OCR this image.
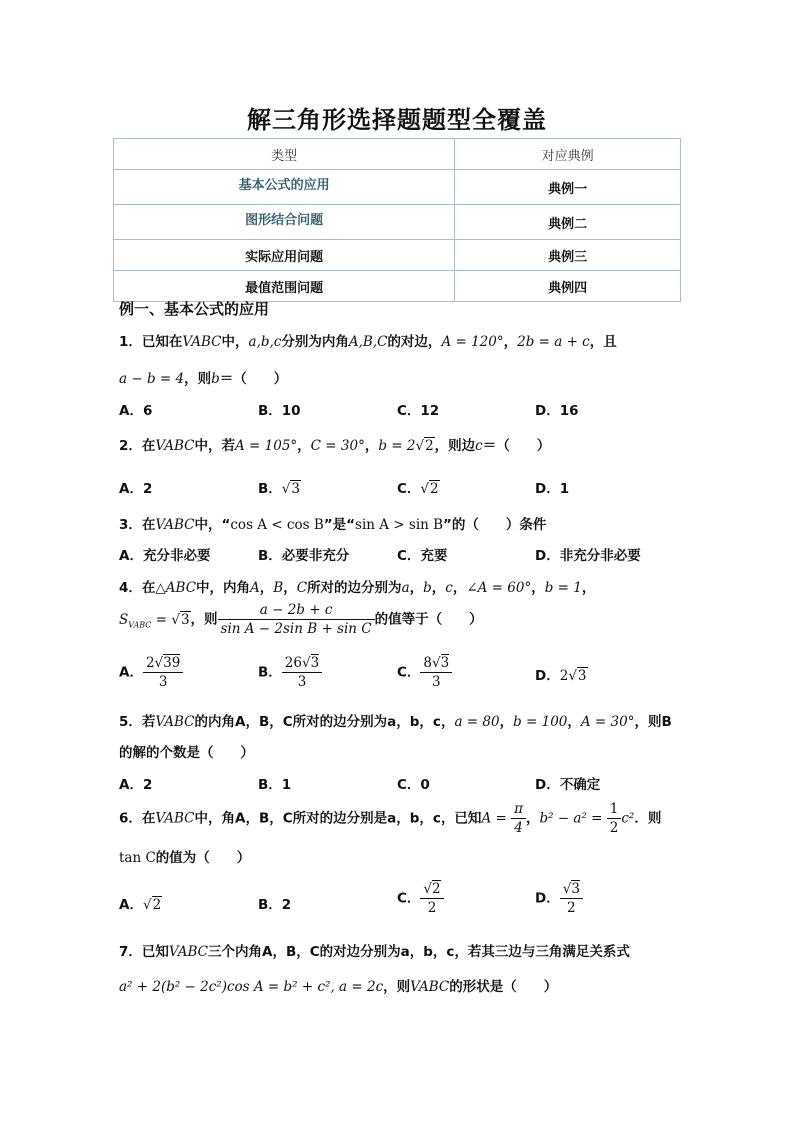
解三角形选择题题型全覆盖
类型	对应典例
基本公式的应用	典例一
图形结合问题	典例二
实际应用问题	典例三
最值范围问题	典例四
例一、基本公式的应用
1．已知在VABC中，a,b,c分别为内角A,B,C的对边，A = 120°，2b = a + c，且
a − b = 4，则b＝（　　）
A．6	B．10	C．12	D．16
2．在VABC中，若A = 105°，C = 30°，b = 2√2，则边c＝（　　）
A．2	B．√3	C．√2	D．1
3．在VABC中，“cos A < cos B”是“sin A > sin B”的（　　）条件
A．充分非必要	B．必要非充分	C．充要	D．非充分非必要
4．在△ABC中，内角A，B，C所对的边分别为a，b，c，∠A = 60°，b = 1，
$S_{VABC} = √3$，则 $\frac{a - 2b + c}{\text{sin A − 2sin B + sin C}}$ 的值等于（　　）
A． $\frac{2√39}{3}$	B． $\frac{26√3}{3}$	C． $\frac{8√3}{3}$	D．2√3
5．若VABC的内角A，B，C所对的边分别为a，b，c，a = 80，b = 100，A = 30°，则B
的解的个数是（　　）
A．2	B．1	C．0	D．不确定
6．在VABC中，角A，B，C所对的边分别是a，b，c，已知$A = \frac{\pi}{4}$ ，$b^2 - a^2 = \frac{1}{2} c^2$．则
tan C的值为（　　）
A．√2	B．2	C． $\frac{√2}{2}$	D． $\frac{√3}{2}$
7．已知VABC三个内角A，B，C的对边分别为a，b，c，若其三边与三角满足关系式
a² + 2(b² − 2c²)cos A = b² + c², a = 2c，则VABC的形状是（　　）
